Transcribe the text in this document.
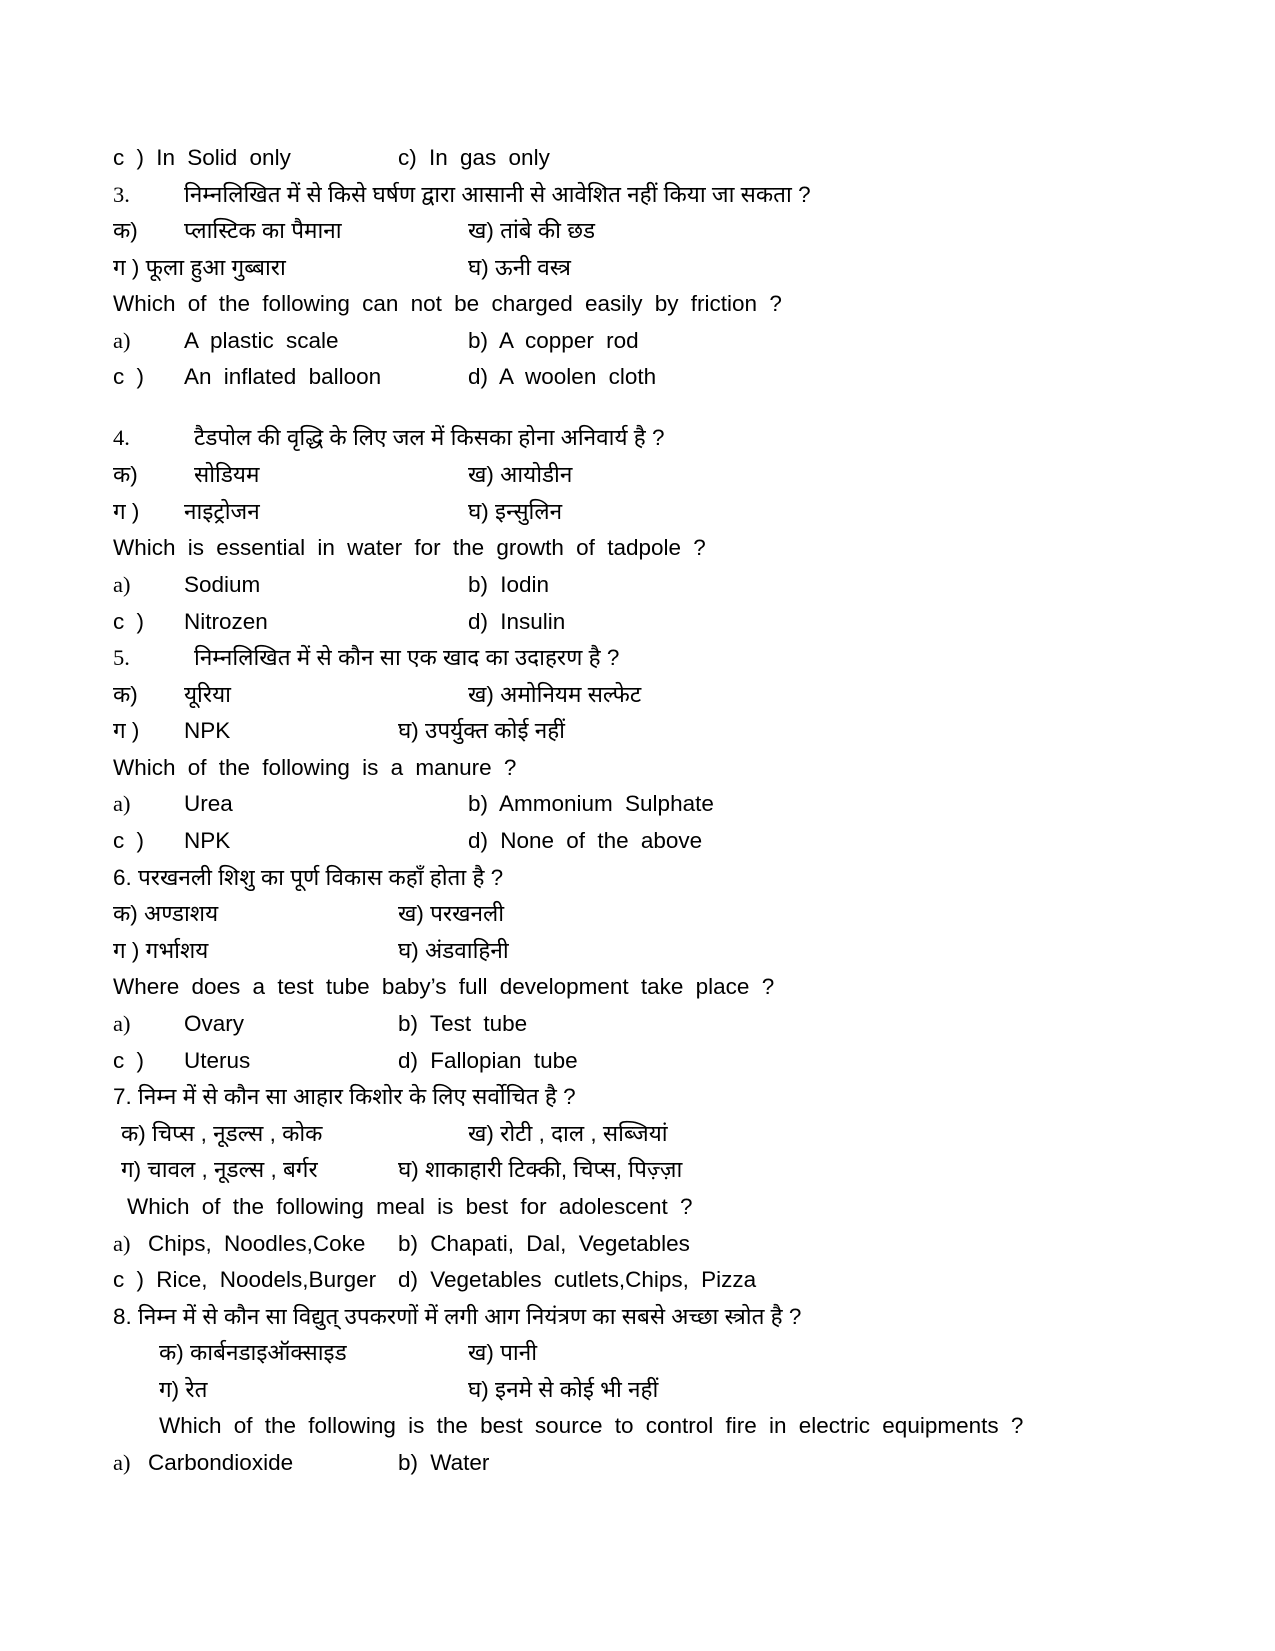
c ) In Solid only	c) In gas only
3. निम्नलिखित में से किसे घर्षण द्वारा आसानी से आवेशित नहीं किया जा सकता ?
क) प्लास्टिक का पैमाना	ख) तांबे की छड
ग ) फूला हुआ गुब्बारा	घ) ऊनी वस्त्र
Which of the following can not be charged easily by friction ?
a) A plastic scale	b) A copper rod
c ) An inflated balloon	d) A woolen cloth
4.	टैडपोल की वृद्धि के लिए जल में किसका होना अनिवार्य है ?
क) सोडियम	ख) आयोडीन
ग ) नाइट्रोजन	घ) इन्सुलिन
Which is essential in water for the growth of tadpole ?
a) Sodium	b) Iodin
c ) Nitrozen	d) Insulin
5.	निम्नलिखित में से कौन सा एक खाद का उदाहरण है ?
क) यूरिया	ख) अमोनियम सल्फेट
ग ) NPK	घ) उपर्युक्त कोई नहीं
Which of the following is a manure ?
a) Urea	b) Ammonium Sulphate
c ) NPK	d) None of the above
6. परखनली शिशु का पूर्ण विकास कहाँ होता है ?
क) अण्डाशय	ख) परखनली
ग ) गर्भाशय	घ) अंडवाहिनी
Where does a test tube baby’s full development take place ?
a) Ovary	b) Test tube
c ) Uterus	d) Fallopian tube
7. निम्न में से कौन सा आहार किशोर के लिए सर्वोचित है ?
क) चिप्स , नूडल्स , कोक	ख) रोटी , दाल , सब्जियां
ग) चावल , नूडल्स , बर्गर	घ) शाकाहारी टिक्की, चिप्स, पिज़्ज़ा
Which of the following meal is best for adolescent ?
a) Chips, Noodles,Coke b) Chapati, Dal, Vegetables
c ) Rice, Noodels,Burger d) Vegetables cutlets,Chips, Pizza
8. निम्न में से कौन सा विद्युत् उपकरणों में लगी आग नियंत्रण का सबसे अच्छा स्त्रोत है ?
क) कार्बनडाइऑक्साइड	ख) पानी
ग) रेत	घ) इनमे से कोई भी नहीं
Which of the following is the best source to control fire in electric equipments ?
a) Carbondioxide	b) Water
